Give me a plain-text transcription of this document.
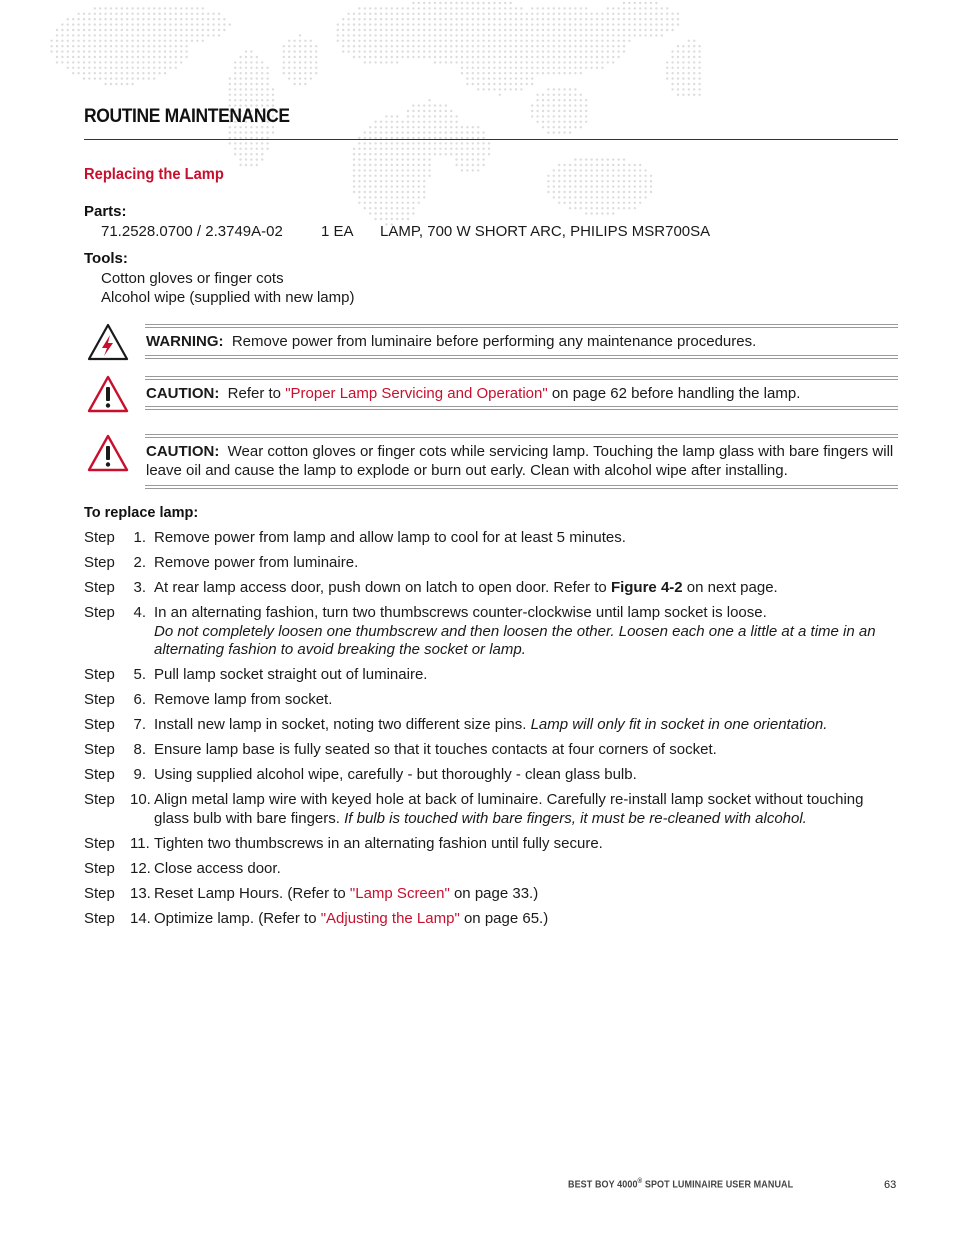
ROUTINE MAINTENANCE
Replacing the Lamp
Parts:
71.2528.0700 / 2.3749A-02	1 EA LAMP, 700 W SHORT ARC, PHILIPS MSR700SA
Tools:
Cotton gloves or finger cots
Alcohol wipe (supplied with new lamp)
WARNING: Remove power from luminaire before performing any maintenance procedures.
CAUTION: Refer to "Proper Lamp Servicing and Operation" on page 62 before handling the lamp.
CAUTION: Wear cotton gloves or finger cots while servicing lamp. Touching the lamp glass with bare fingers will leave oil and cause the lamp to explode or burn out early. Clean with alcohol wipe after installing.
To replace lamp:
Step 1. Remove power from lamp and allow lamp to cool for at least 5 minutes.
Step 2. Remove power from luminaire.
Step 3. At rear lamp access door, push down on latch to open door. Refer to Figure 4-2 on next page.
Step 4. In an alternating fashion, turn two thumbscrews counter-clockwise until lamp socket is loose.
Do not completely loosen one thumbscrew and then loosen the other. Loosen each one a little at a time in an alternating fashion to avoid breaking the socket or lamp.
Step 5. Pull lamp socket straight out of luminaire.
Step 6. Remove lamp from socket.
Step 7. Install new lamp in socket, noting two different size pins. Lamp will only fit in socket in one orientation.
Step 8. Ensure lamp base is fully seated so that it touches contacts at four corners of socket.
Step 9. Using supplied alcohol wipe, carefully - but thoroughly - clean glass bulb.
Step 10. Align metal lamp wire with keyed hole at back of luminaire. Carefully re-install lamp socket without touching glass bulb with bare fingers. If bulb is touched with bare fingers, it must be re-cleaned with alcohol.
Step 11. Tighten two thumbscrews in an alternating fashion until fully secure.
Step 12. Close access door.
Step 13. Reset Lamp Hours. (Refer to "Lamp Screen" on page 33.)
Step 14. Optimize lamp. (Refer to "Adjusting the Lamp" on page 65.)
BEST BOY 4000® SPOT LUMINAIRE USER MANUAL	63
